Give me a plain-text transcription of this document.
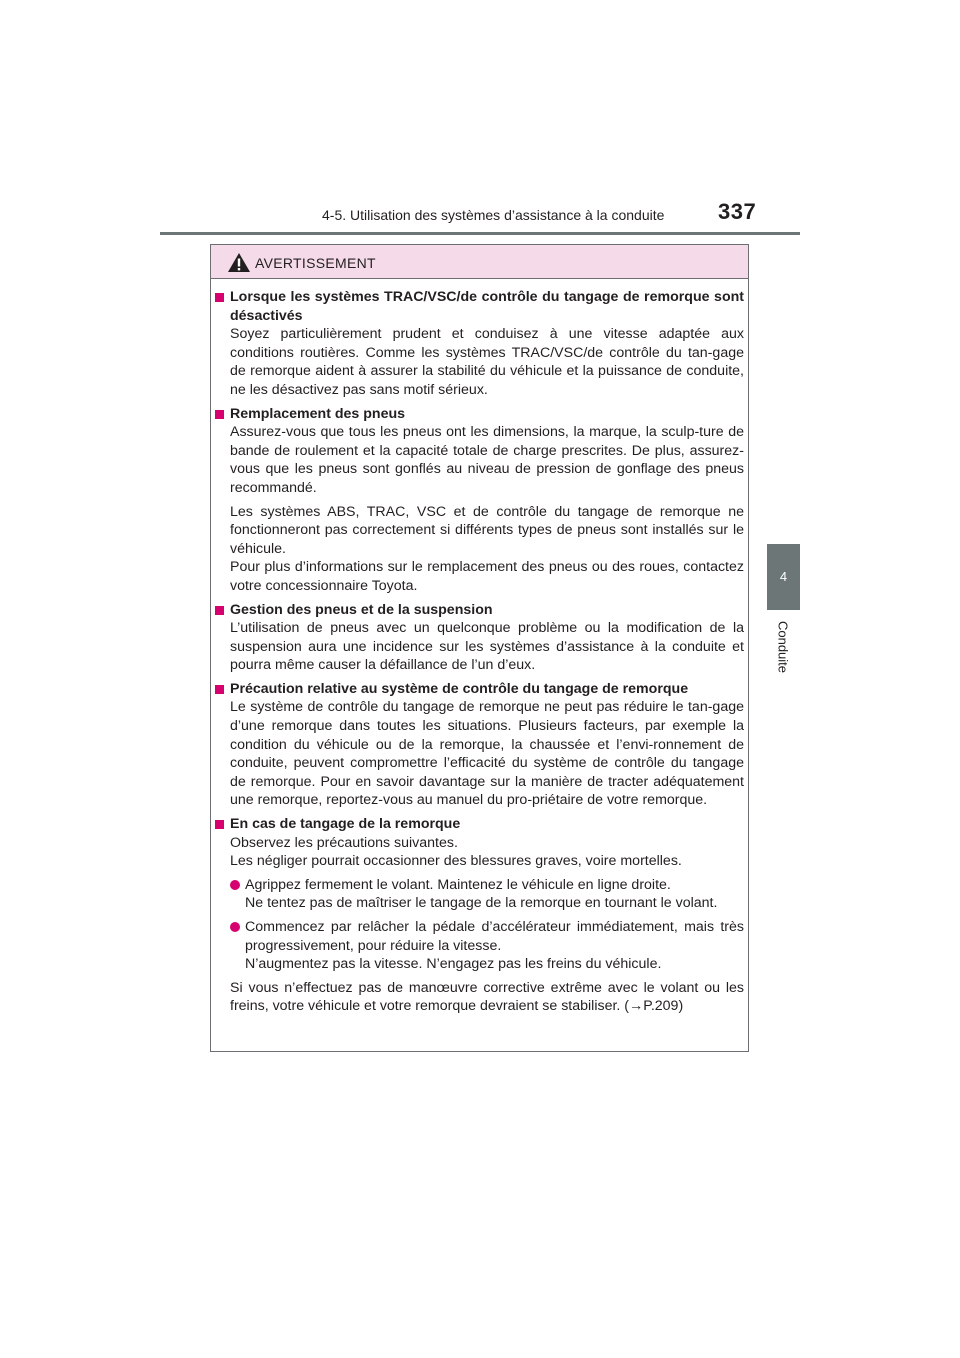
4-5. Utilisation des systèmes d’assistance à la conduite 337
4
Conduite
AVERTISSEMENT
Lorsque les systèmes TRAC/VSC/de contrôle du tangage de remorque sont désactivés
Soyez particulièrement prudent et conduisez à une vitesse adaptée aux conditions routières. Comme les systèmes TRAC/VSC/de contrôle du tan-gage de remorque aident à assurer la stabilité du véhicule et la puissance de conduite, ne les désactivez pas sans motif sérieux.
Remplacement des pneus
Assurez-vous que tous les pneus ont les dimensions, la marque, la sculp-ture de bande de roulement et la capacité totale de charge prescrites. De plus, assurez-vous que les pneus sont gonflés au niveau de pression de gonflage des pneus recommandé.
Les systèmes ABS, TRAC, VSC et de contrôle du tangage de remorque ne fonctionneront pas correctement si différents types de pneus sont installés sur le véhicule.
Pour plus d’informations sur le remplacement des pneus ou des roues, contactez votre concessionnaire Toyota.
Gestion des pneus et de la suspension
L’utilisation de pneus avec un quelconque problème ou la modification de la suspension aura une incidence sur les systèmes d’assistance à la conduite et pourra même causer la défaillance de l’un d’eux.
Précaution relative au système de contrôle du tangage de remorque
Le système de contrôle du tangage de remorque ne peut pas réduire le tan-gage d’une remorque dans toutes les situations. Plusieurs facteurs, par exemple la condition du véhicule ou de la remorque, la chaussée et l’envi-ronnement de conduite, peuvent compromettre l’efficacité du système de contrôle du tangage de remorque. Pour en savoir davantage sur la manière de tracter adéquatement une remorque, reportez-vous au manuel du pro-priétaire de votre remorque.
En cas de tangage de la remorque
Observez les précautions suivantes.
Les négliger pourrait occasionner des blessures graves, voire mortelles.
Agrippez fermement le volant. Maintenez le véhicule en ligne droite.
Ne tentez pas de maîtriser le tangage de la remorque en tournant le volant.
Commencez par relâcher la pédale d’accélérateur immédiatement, mais très progressivement, pour réduire la vitesse.
N’augmentez pas la vitesse. N’engagez pas les freins du véhicule.
Si vous n’effectuez pas de manœuvre corrective extrême avec le volant ou les freins, votre véhicule et votre remorque devraient se stabiliser. (→P.209)
